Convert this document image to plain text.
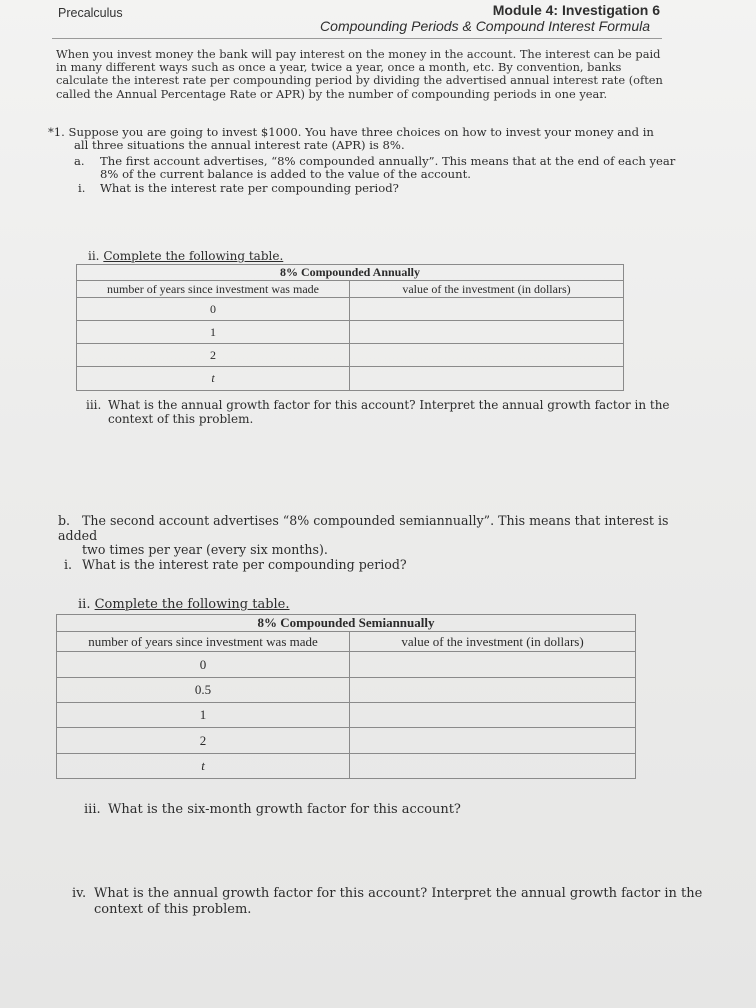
Precalculus	Module 4: Investigation 6
Compounding Periods & Compound Interest Formula
When you invest money the bank will pay interest on the money in the account. The interest can be paid
in many different ways such as once a year, twice a year, once a month, etc. By convention, banks
calculate the interest rate per compounding period by dividing the advertised annual interest rate (often
called the Annual Percentage Rate or APR) by the number of compounding periods in one year.
*1. Suppose you are going to invest $1000. You have three choices on how to invest your money and in
all three situations the annual interest rate (APR) is 8%.
a. The first account advertises, “8% compounded annually”. This means that at the end of each year
8% of the current balance is added to the value of the account.
i. What is the interest rate per compounding period?
ii. Complete the following table.
8% Compounded Annually	
number of years since investment was made	value of the investment (in dollars)
0	
1	
2	
t	
iii. What is the annual growth factor for this account? Interpret the annual growth factor in the
context of this problem.
b. The second account advertises “8% compounded semiannually”. This means that interest is added
two times per year (every six months).
i. What is the interest rate per compounding period?
ii. Complete the following table.
8% Compounded Semiannually	
number of years since investment was made	value of the investment (in dollars)
0	
0.5	
1	
2	
t	
iii. What is the six-month growth factor for this account?
iv. What is the annual growth factor for this account? Interpret the annual growth factor in the
context of this problem.
